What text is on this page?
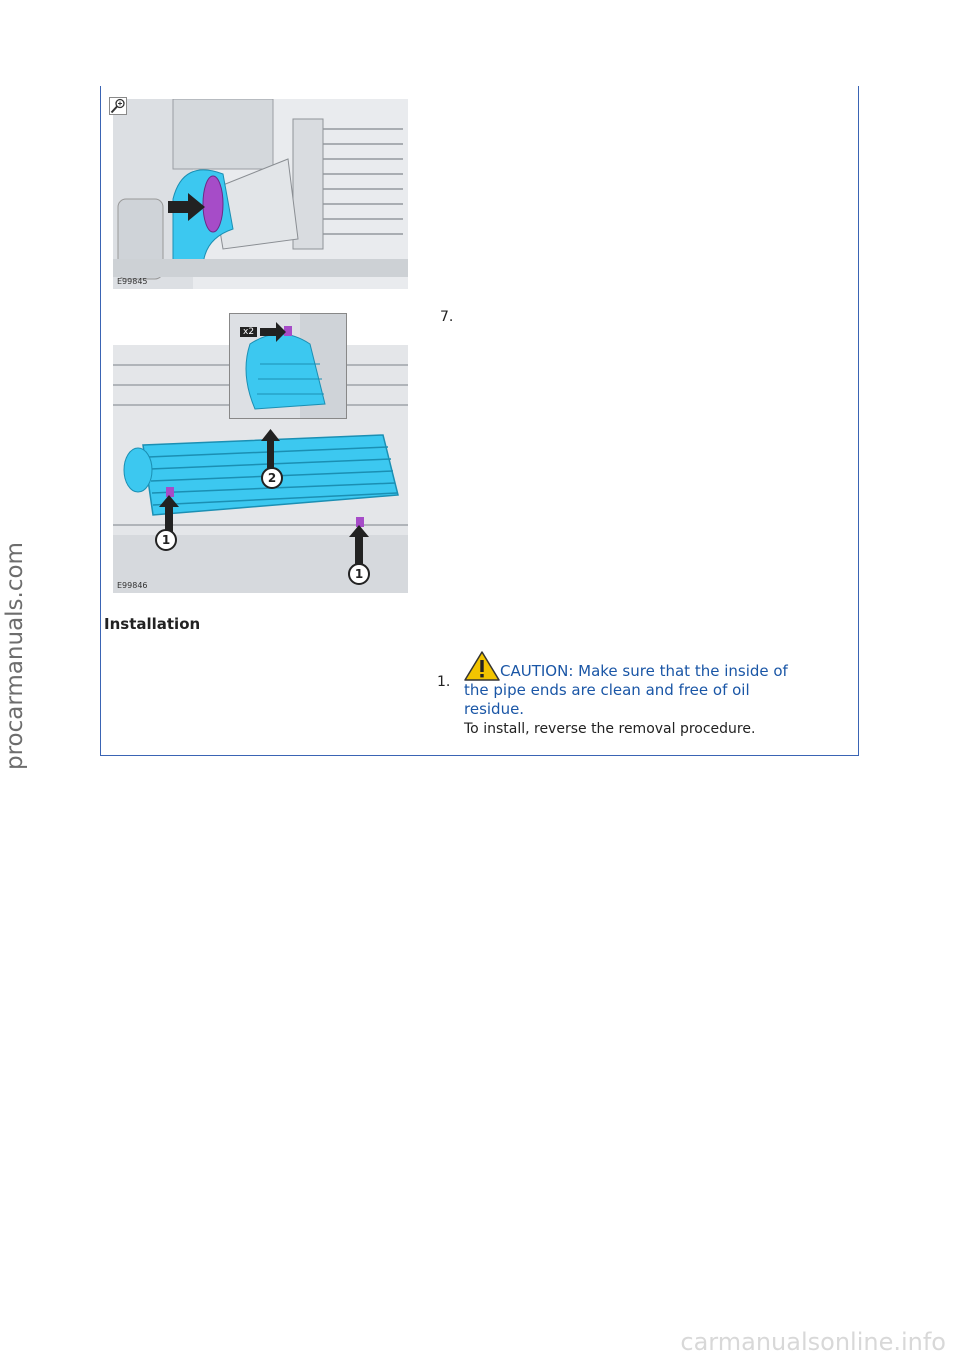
E99845
E99846
2
1
1
x2
7.
Installation
1.
CAUTION: Make sure that the inside of
the pipe ends are clean and free of oil residue.
To install, reverse the removal procedure.
procarmanuals.com
carmanualsonline.info
